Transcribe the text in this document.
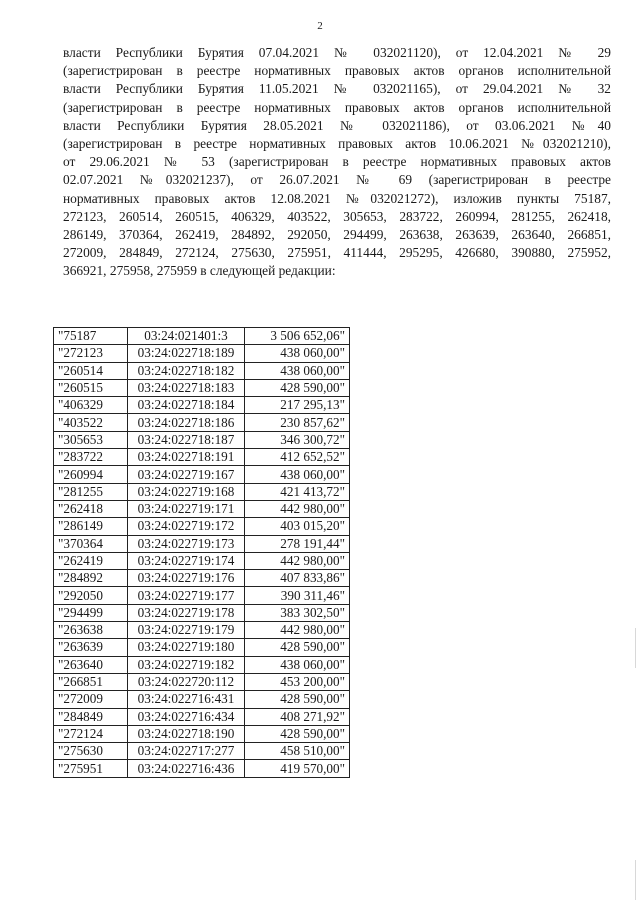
2

власти Республики Бурятия 07.04.2021 № 032021120), от 12.04.2021 № 29
(зарегистрирован в реестре нормативных правовых актов органов исполнительной
власти Республики Бурятия 11.05.2021 № 032021165), от 29.04.2021 № 32
(зарегистрирован в реестре нормативных правовых актов органов исполнительной
власти Республики Бурятия 28.05.2021 № 032021186), от 03.06.2021 №40
(зарегистрирован в реестре нормативных правовых актов 10.06.2021 №032021210),
от 29.06.2021 № 53 (зарегистрирован в реестре нормативных правовых актов
02.07.2021 №032021237), от 26.07.2021 № 69 (зарегистрирован в реестре
нормативных правовых актов 12.08.2021 №032021272), изложив пункты 75187,
272123, 260514, 260515, 406329, 403522, 305653, 283722, 260994, 281255, 262418,
286149, 370364, 262419, 284892, 292050, 294499, 263638, 263639, 263640, 266851,
272009, 284849, 272124, 275630, 275951, 411444, 295295, 426680, 390880, 275952,
366921, 275958, 275959 в следующей редакции:

"75187	03:24:021401:3	3 506 652,06"
"272123	03:24:022718:189	438 060,00"
"260514	03:24:022718:182	438 060,00"
"260515	03:24:022718:183	428 590,00"
"406329	03:24:022718:184	217 295,13"
"403522	03:24:022718:186	230 857,62"
"305653	03:24:022718:187	346 300,72"
"283722	03:24:022718:191	412 652,52"
"260994	03:24:022719:167	438 060,00"
"281255	03:24:022719:168	421 413,72"
"262418	03:24:022719:171	442 980,00"
"286149	03:24:022719:172	403 015,20"
"370364	03:24:022719:173	278 191,44"
"262419	03:24:022719:174	442 980,00"
"284892	03:24:022719:176	407 833,86"
"292050	03:24:022719:177	390 311,46"
"294499	03:24:022719:178	383 302,50"
"263638	03:24:022719:179	442 980,00"
"263639	03:24:022719:180	428 590,00"
"263640	03:24:022719:182	438 060,00"
"266851	03:24:022720:112	453 200,00"
"272009	03:24:022716:431	428 590,00"
"284849	03:24:022716:434	408 271,92"
"272124	03:24:022718:190	428 590,00"
"275630	03:24:022717:277	458 510,00"
"275951	03:24:022716:436	419 570,00"
